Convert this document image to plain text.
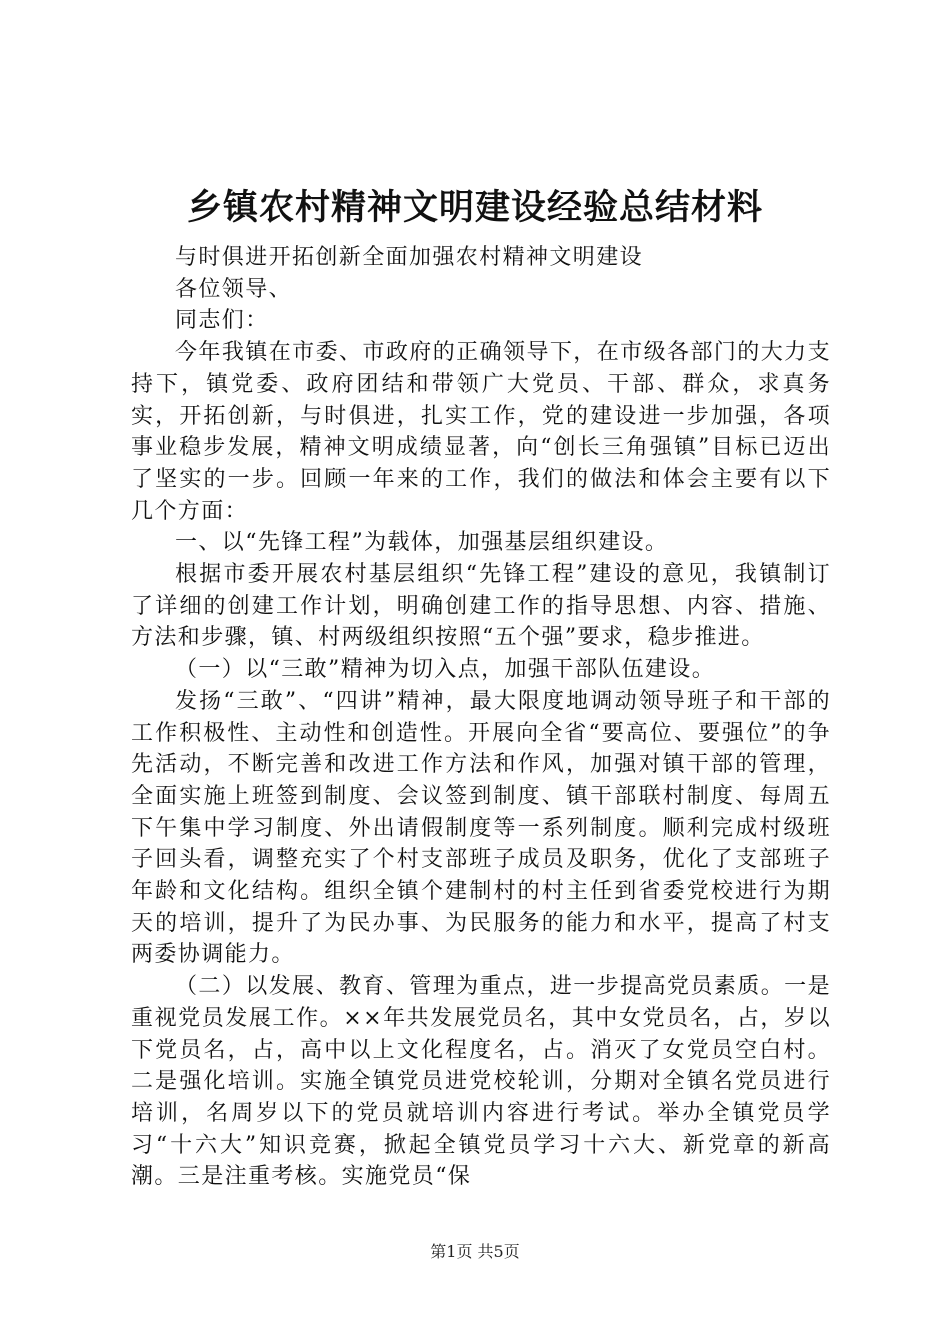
乡镇农村精神文明建设经验总结材料

与时俱进开拓创新全面加强农村精神文明建设

各位领导、

同志们：

今年我镇在市委、市政府的正确领导下，在市级各部门的大力支持下，镇党委、政府团结和带领广大党员、干部、群众，求真务实，开拓创新，与时俱进，扎实工作，党的建设进一步加强，各项事业稳步发展，精神文明成绩显著，向“创长三角强镇”目标已迈出了坚实的一步。回顾一年来的工作，我们的做法和体会主要有以下几个方面：

一、以“先锋工程”为载体，加强基层组织建设。

根据市委开展农村基层组织“先锋工程”建设的意见，我镇制订了详细的创建工作计划，明确创建工作的指导思想、内容、措施、方法和步骤，镇、村两级组织按照“五个强”要求，稳步推进。

（一）以“三敢”精神为切入点，加强干部队伍建设。

发扬“三敢”、“四讲”精神，最大限度地调动领导班子和干部的工作积极性、主动性和创造性。开展向全省“要高位、要强位”的争先活动，不断完善和改进工作方法和作风，加强对镇干部的管理，全面实施上班签到制度、会议签到制度、镇干部联村制度、每周五下午集中学习制度、外出请假制度等一系列制度。顺利完成村级班子回头看，调整充实了个村支部班子成员及职务，优化了支部班子年龄和文化结构。组织全镇个建制村的村主任到省委党校进行为期天的培训，提升了为民办事、为民服务的能力和水平，提高了村支两委协调能力。

（二）以发展、教育、管理为重点，进一步提高党员素质。一是重视党员发展工作。××年共发展党员名，其中女党员名，占，岁以下党员名，占，高中以上文化程度名，占。消灭了女党员空白村。二是强化培训。实施全镇党员进党校轮训，分期对全镇名党员进行培训，名周岁以下的党员就培训内容进行考试。举办全镇党员学习“十六大”知识竞赛，掀起全镇党员学习十六大、新党章的新高潮。三是注重考核。实施党员“保

第1页 共5页
